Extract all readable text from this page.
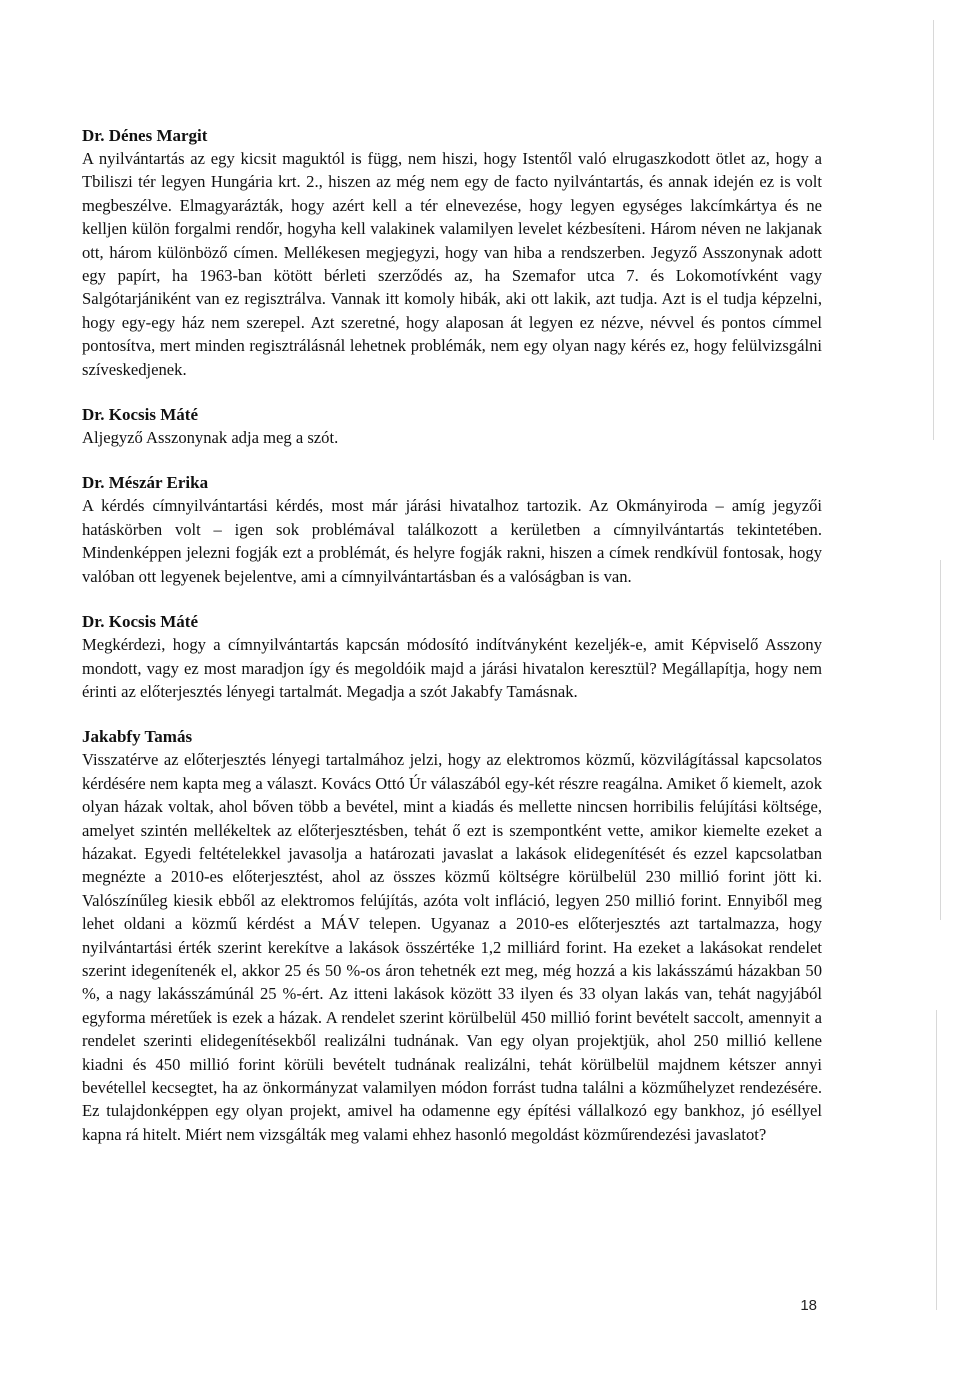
Dr. Dénes Margit

A nyilvántartás az egy kicsit maguktól is függ, nem hiszi, hogy Istentől való elrugaszkodott ötlet az, hogy a Tbiliszi tér legyen Hungária krt. 2., hiszen az még nem egy de facto nyilvántartás, és annak idején ez is volt megbeszélve. Elmagyarázták, hogy azért kell a tér elnevezése, hogy legyen egységes lakcímkártya és ne kelljen külön forgalmi rendőr, hogyha kell valakinek valamilyen levelet kézbesíteni. Három néven ne lakjanak ott, három különböző címen. Mellékesen megjegyzi, hogy van hiba a rendszerben. Jegyző Asszonynak adott egy papírt, ha 1963-ban kötött bérleti szerződés az, ha Szemafor utca 7. és Lokomotívként vagy Salgótarjániként van ez regisztrálva. Vannak itt komoly hibák, aki ott lakik, azt tudja. Azt is el tudja képzelni, hogy egy-egy ház nem szerepel. Azt szeretné, hogy alaposan át legyen ez nézve, névvel és pontos címmel pontosítva, mert minden regisztrálásnál lehetnek problémák, nem egy olyan nagy kérés ez, hogy felülvizsgálni szíveskedjenek.

Dr. Kocsis Máté

Aljegyző Asszonynak adja meg a szót.

Dr. Mészár Erika

A kérdés címnyilvántartási kérdés, most már járási hivatalhoz tartozik. Az Okmányiroda – amíg jegyzői hatáskörben volt – igen sok problémával találkozott a kerületben a címnyilvántartás tekintetében. Mindenképpen jelezni fogják ezt a problémát, és helyre fogják rakni, hiszen a címek rendkívül fontosak, hogy valóban ott legyenek bejelentve, ami a címnyilvántartásban és a valóságban is van.

Dr. Kocsis Máté

Megkérdezi, hogy a címnyilvántartás kapcsán módosító indítványként kezeljék-e, amit Képviselő Asszony mondott, vagy ez most maradjon így és megoldóik majd a járási hivatalon keresztül? Megállapítja, hogy nem érinti az előterjesztés lényegi tartalmát. Megadja a szót Jakabfy Tamásnak.

Jakabfy Tamás

Visszatérve az előterjesztés lényegi tartalmához jelzi, hogy az elektromos közmű, közvilágítással kapcsolatos kérdésére nem kapta meg a választ. Kovács Ottó Úr válaszából egy-két részre reagálna. Amiket ő kiemelt, azok olyan házak voltak, ahol bőven több a bevétel, mint a kiadás és mellette nincsen horribilis felújítási költsége, amelyet szintén mellékeltek az előterjesztésben, tehát ő ezt is szempontként vette, amikor kiemelte ezeket a házakat. Egyedi feltételekkel javasolja a határozati javaslat a lakások elidegenítését és ezzel kapcsolatban megnézte a 2010-es előterjesztést, ahol az összes közmű költségre körülbelül 230 millió forint jött ki. Valószínűleg kiesik ebből az elektromos felújítás, azóta volt infláció, legyen 250 millió forint. Ennyiből meg lehet oldani a közmű kérdést a MÁV telepen. Ugyanaz a 2010-es előterjesztés azt tartalmazza, hogy nyilvántartási érték szerint kerekítve a lakások összértéke 1,2 milliárd forint. Ha ezeket a lakásokat rendelet szerint idegenítenék el, akkor 25 és 50 %-os áron tehetnék ezt meg, még hozzá a kis lakásszámú házakban 50 %, a nagy lakásszámúnál 25 %-ért. Az itteni lakások között 33 ilyen és 33 olyan lakás van, tehát nagyjából egyforma méretűek is ezek a házak. A rendelet szerint körülbelül 450 millió forint bevételt saccolt, amennyit a rendelet szerinti elidegenítésekből realizálni tudnának. Van egy olyan projektjük, ahol 250 millió kellene kiadni és 450 millió forint körüli bevételt tudnának realizálni, tehát körülbelül majdnem kétszer annyi bevétellel kecsegtet, ha az önkormányzat valamilyen módon forrást tudna találni a közműhelyzet rendezésére. Ez tulajdonképpen egy olyan projekt, amivel ha odamenne egy építési vállalkozó egy bankhoz, jó eséllyel kapna rá hitelt. Miért nem vizsgálták meg valami ehhez hasonló megoldást közműrendezési javaslatot?

18
